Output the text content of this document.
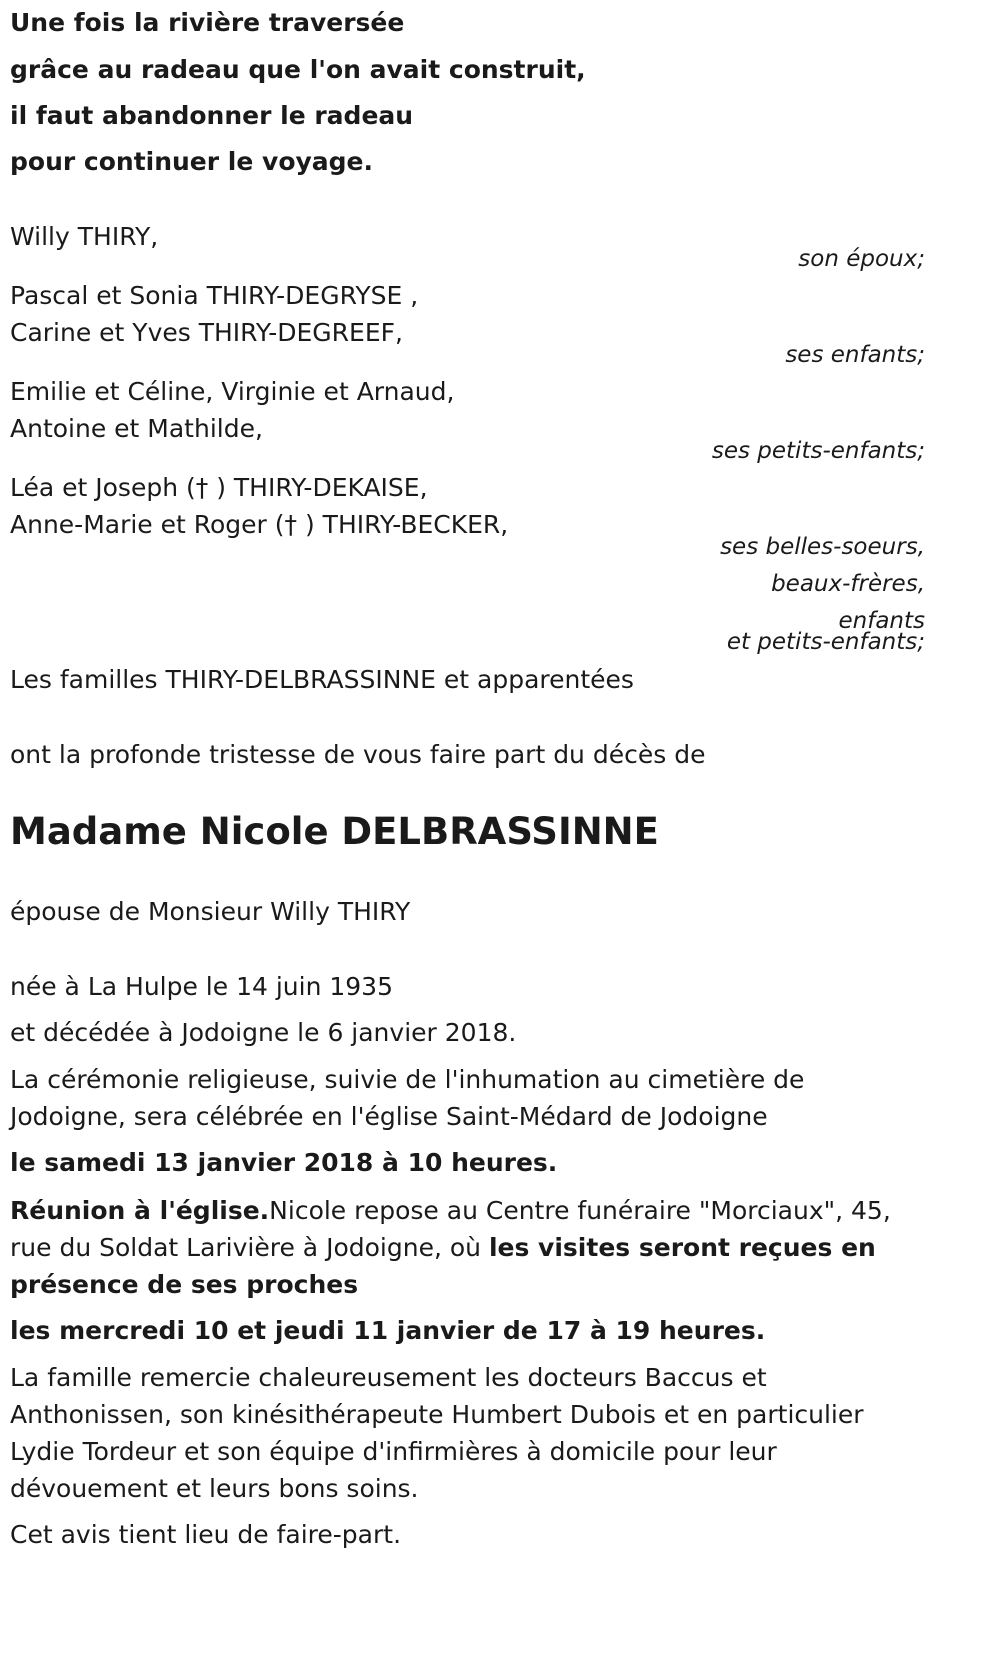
Une fois la rivière traversée
grâce au radeau que l'on avait construit,
il faut abandonner le radeau
pour continuer le voyage.
Willy THIRY,
son époux;
Pascal et Sonia THIRY-DEGRYSE ,
Carine et Yves THIRY-DEGREEF,
ses enfants;
Emilie et Céline, Virginie et Arnaud,
Antoine et Mathilde,
ses petits-enfants;
Léa et Joseph († ) THIRY-DEKAISE,
Anne-Marie et Roger († ) THIRY-BECKER,
ses belles-soeurs,
beaux-frères,
enfants
et petits-enfants;
Les familles THIRY-DELBRASSINNE et apparentées
ont la profonde tristesse de vous faire part du décès de
Madame Nicole DELBRASSINNE
épouse de Monsieur Willy THIRY
née à La Hulpe le 14 juin 1935
et décédée à Jodoigne le 6 janvier 2018.
La cérémonie religieuse, suivie de l'inhumation au cimetière de Jodoigne, sera célébrée en l'église Saint-Médard de Jodoigne
le samedi 13 janvier 2018 à 10 heures.
Réunion à l'église.Nicole repose au Centre funéraire "Morciaux", 45, rue du Soldat Larivière à Jodoigne, où les visites seront reçues en présence de ses proches
les mercredi 10 et jeudi 11 janvier de 17 à 19 heures.
La famille remercie chaleureusement les docteurs Baccus et Anthonissen, son kinésithérapeute Humbert Dubois et en particulier Lydie Tordeur et son équipe d'infirmières à domicile pour leur dévouement et leurs bons soins.
Cet avis tient lieu de faire-part.
